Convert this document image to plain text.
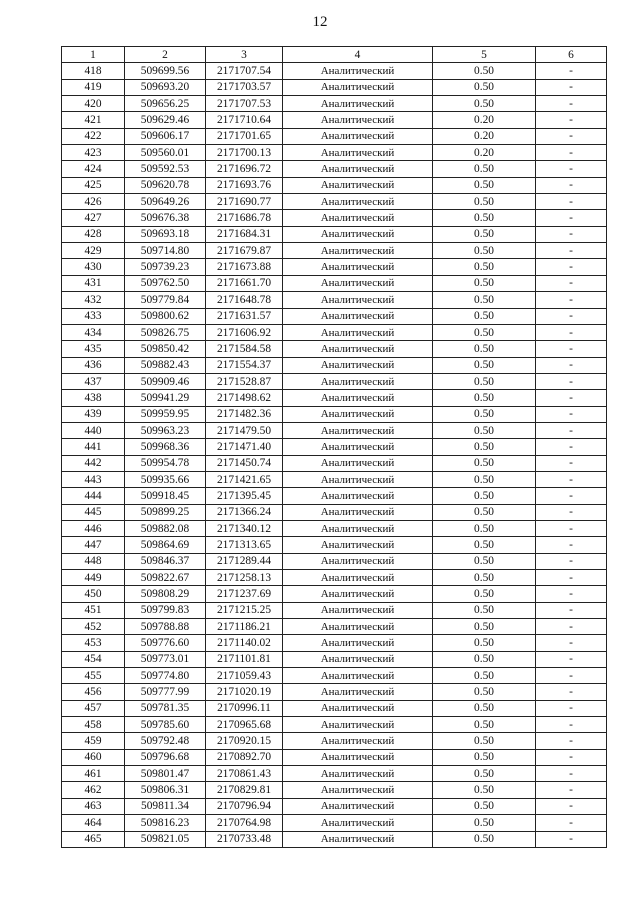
12
1	2	3	4	5	6
418	509699.56	2171707.54	Аналитический	0.50	-
419	509693.20	2171703.57	Аналитический	0.50	-
420	509656.25	2171707.53	Аналитический	0.50	-
421	509629.46	2171710.64	Аналитический	0.20	-
422	509606.17	2171701.65	Аналитический	0.20	-
423	509560.01	2171700.13	Аналитический	0.20	-
424	509592.53	2171696.72	Аналитический	0.50	-
425	509620.78	2171693.76	Аналитический	0.50	-
426	509649.26	2171690.77	Аналитический	0.50	-
427	509676.38	2171686.78	Аналитический	0.50	-
428	509693.18	2171684.31	Аналитический	0.50	-
429	509714.80	2171679.87	Аналитический	0.50	-
430	509739.23	2171673.88	Аналитический	0.50	-
431	509762.50	2171661.70	Аналитический	0.50	-
432	509779.84	2171648.78	Аналитический	0.50	-
433	509800.62	2171631.57	Аналитический	0.50	-
434	509826.75	2171606.92	Аналитический	0.50	-
435	509850.42	2171584.58	Аналитический	0.50	-
436	509882.43	2171554.37	Аналитический	0.50	-
437	509909.46	2171528.87	Аналитический	0.50	-
438	509941.29	2171498.62	Аналитический	0.50	-
439	509959.95	2171482.36	Аналитический	0.50	-
440	509963.23	2171479.50	Аналитический	0.50	-
441	509968.36	2171471.40	Аналитический	0.50	-
442	509954.78	2171450.74	Аналитический	0.50	-
443	509935.66	2171421.65	Аналитический	0.50	-
444	509918.45	2171395.45	Аналитический	0.50	-
445	509899.25	2171366.24	Аналитический	0.50	-
446	509882.08	2171340.12	Аналитический	0.50	-
447	509864.69	2171313.65	Аналитический	0.50	-
448	509846.37	2171289.44	Аналитический	0.50	-
449	509822.67	2171258.13	Аналитический	0.50	-
450	509808.29	2171237.69	Аналитический	0.50	-
451	509799.83	2171215.25	Аналитический	0.50	-
452	509788.88	2171186.21	Аналитический	0.50	-
453	509776.60	2171140.02	Аналитический	0.50	-
454	509773.01	2171101.81	Аналитический	0.50	-
455	509774.80	2171059.43	Аналитический	0.50	-
456	509777.99	2171020.19	Аналитический	0.50	-
457	509781.35	2170996.11	Аналитический	0.50	-
458	509785.60	2170965.68	Аналитический	0.50	-
459	509792.48	2170920.15	Аналитический	0.50	-
460	509796.68	2170892.70	Аналитический	0.50	-
461	509801.47	2170861.43	Аналитический	0.50	-
462	509806.31	2170829.81	Аналитический	0.50	-
463	509811.34	2170796.94	Аналитический	0.50	-
464	509816.23	2170764.98	Аналитический	0.50	-
465	509821.05	2170733.48	Аналитический	0.50	-
